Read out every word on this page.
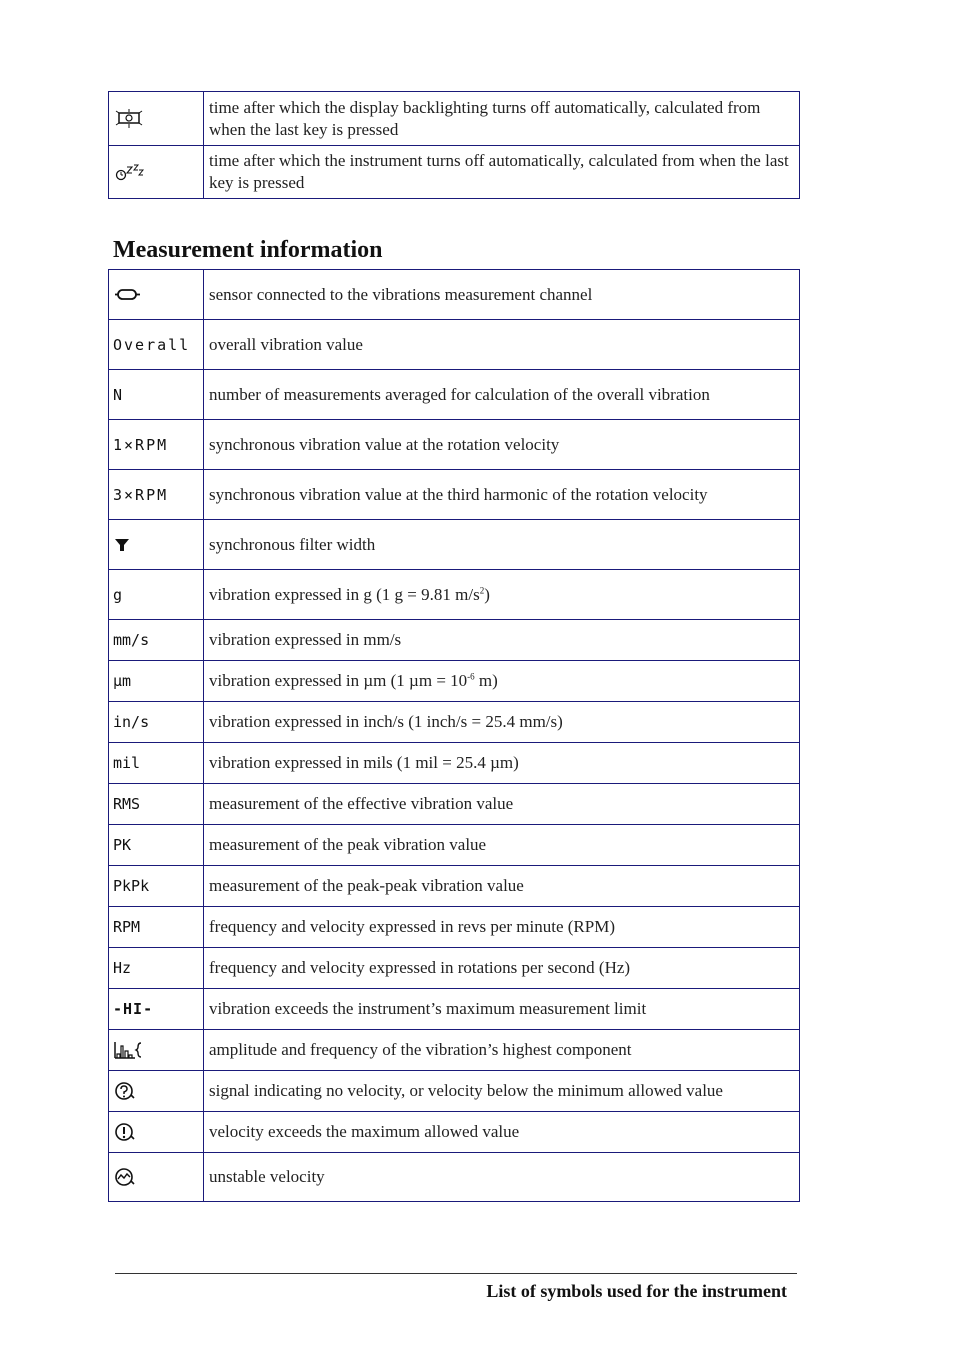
	time after which the display backlighting turns off automatically, calculated from when the last key is pressed

	time after which the instrument turns off automatically, calculated from when the last key is pressed
Measurement information
	sensor connected to the vibrations measurement channel
Overall	overall vibration value
N	number of measurements averaged for calculation of the overall vibration
1×RPM	synchronous vibration value at the rotation velocity
3×RPM	synchronous vibration value at the third harmonic of the rotation velocity

	synchronous filter width
g	vibration expressed in g (1 g = 9.81 $m/s^2$)
mm/s	vibration expressed in mm/s
µm	vibration expressed in µm (1 $\mu m = 10^{-6}$ m)
in/s	vibration expressed in inch/s (1 inch/s = 25.4 mm/s)
mil	vibration expressed in mils (1 mil = 25.4 µm)
RMS	measurement of the effective vibration value
PK	measurement of the peak vibration value
PkPk	measurement of the peak-peak vibration value
RPM	frequency and velocity expressed in revs per minute (RPM)
Hz	frequency and velocity expressed in rotations per second (Hz)
-HI-	vibration exceeds the instrument’s maximum measurement limit

	amplitude and frequency of the vibration’s highest component

	signal indicating no velocity, or velocity below the minimum allowed value

	velocity exceeds the maximum allowed value

	unstable velocity
List of symbols used for the instrument
